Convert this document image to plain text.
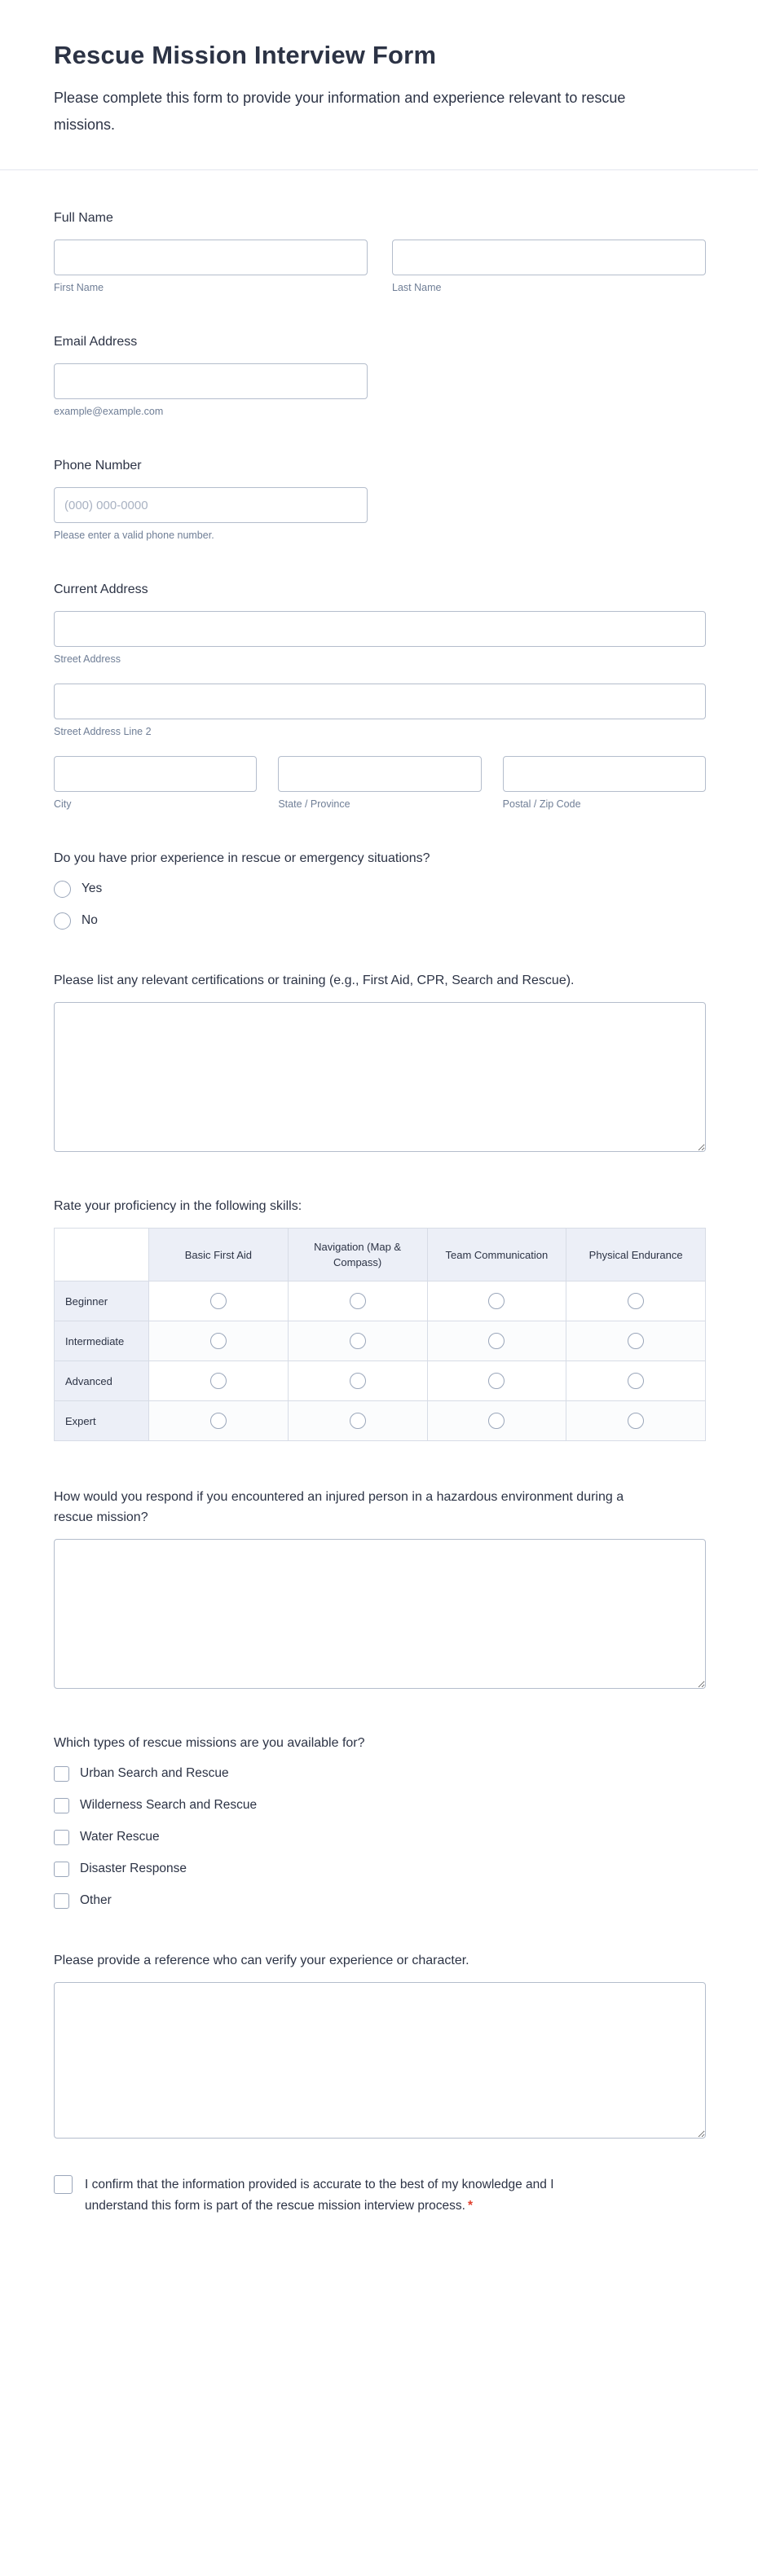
Rescue Mission Interview Form

Please complete this form to provide your information and experience relevant to rescue missions.

Full Name
First Name	Last Name
Email Address
example@example.com
Phone Number
(000) 000-0000
Please enter a valid phone number.
Current Address
Street Address
Street Address Line 2
City	State / Province	Postal / Zip Code
Do you have prior experience in rescue or emergency situations?
Yes
No
Please list any relevant certifications or training (e.g., First Aid, CPR, Search and Rescue).
Rate your proficiency in the following skills:
	Basic First Aid	Navigation (Map & Compass)	Team Communication	Physical Endurance
Beginner				
Intermediate				
Advanced				
Expert				
How would you respond if you encountered an injured person in a hazardous environment during a rescue mission?
Which types of rescue missions are you available for?
Urban Search and Rescue
Wilderness Search and Rescue
Water Rescue
Disaster Response
Other
Please provide a reference who can verify your experience or character.

I confirm that the information provided is accurate to the best of my knowledge and I understand this form is part of the rescue mission interview process. *
